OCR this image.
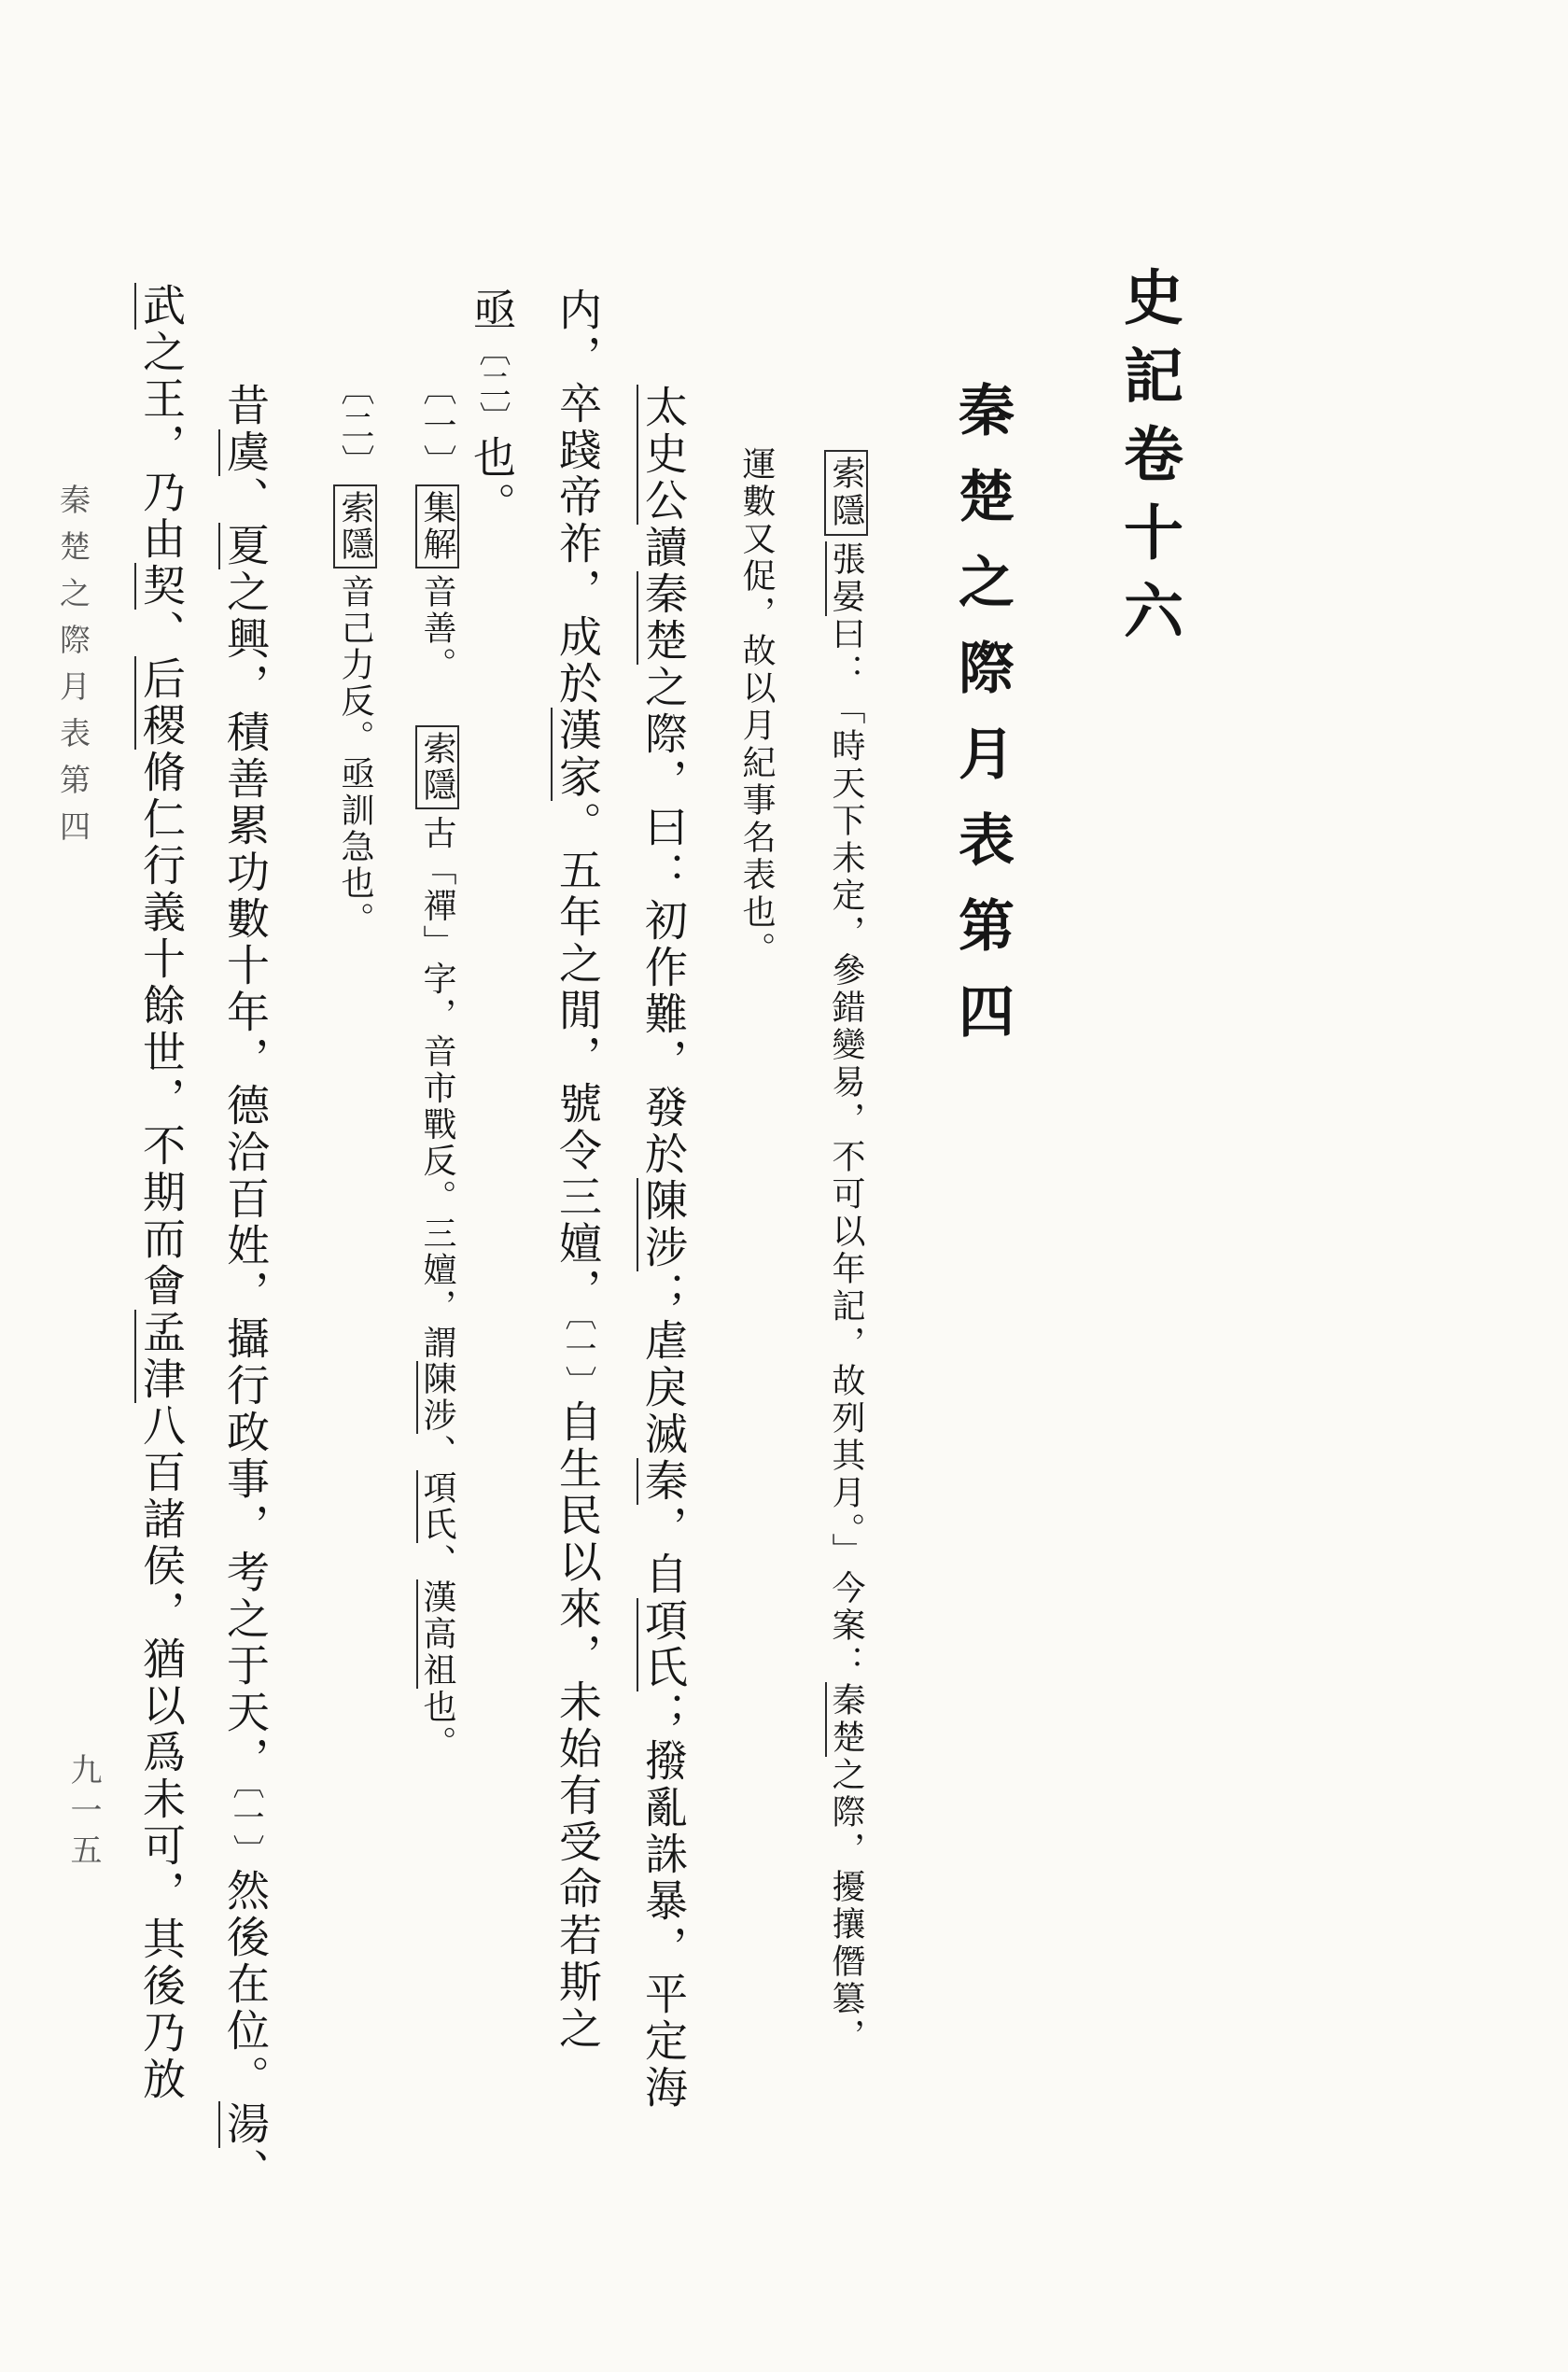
史記卷十六
秦楚之際月表第四
索隱張晏曰：「時天下未定，參錯變易，不可以年記，故列其月。」今案：秦楚之際，擾攘僭篡，
運數又促，故以月紀事名表也。
太史公讀秦楚之際，曰：初作難，發於陳涉；虐戾滅秦，自項氏；撥亂誅暴，平定海
内，卒踐帝祚，成於漢家。五年之閒，號令三嬗，〔一〕自生民以來，未始有受命若斯之
亟〔二〕也。
〔一〕集解音善。索隱古「禪」字，音市戰反。三嬗，謂陳涉、項氏、漢高祖也。
〔二〕索隱音己力反。亟訓急也。
昔虞、夏之興，積善累功數十年，德洽百姓，攝行政事，考之于天，〔一〕然後在位。湯、
武之王，乃由契、后稷脩仁行義十餘世，不期而會孟津八百諸侯，猶以爲未可，其後乃放
秦楚之際月表第四
九一五
